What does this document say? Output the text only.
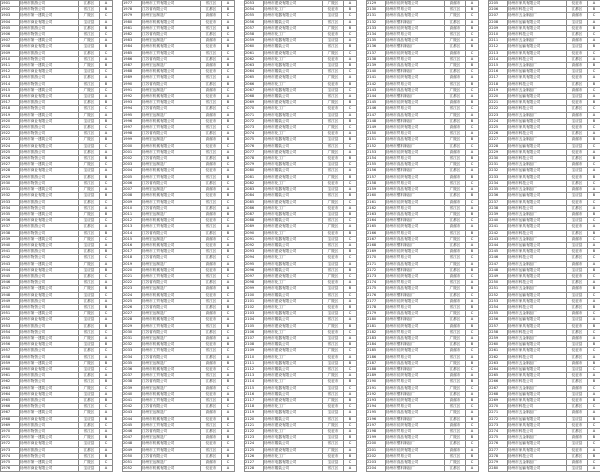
1901	扬州市旅游公司	江都区	A
1902	扬州市物资公司	邗江区	B
1903	扬州市第一建筑公司	广陵区	C
1904	扬州市商业有限公司	宝应县	A
1905	扬州市旅游公司	江都区	B
1906	扬州市物资公司	邗江区	C
1907	扬州市第一建筑公司	广陵区	A
1908	扬州市商业有限公司	宝应县	B
1909	扬州市旅游公司	江都区	C
1910	扬州市物资公司	邗江区	A
1911	扬州市第一建筑公司	广陵区	B
1912	扬州市商业有限公司	宝应县	C
1913	扬州市旅游公司	江都区	A
1914	扬州市物资公司	邗江区	B
1915	扬州市第一建筑公司	广陵区	C
1916	扬州市商业有限公司	宝应县	A
1917	扬州市旅游公司	江都区	B
1918	扬州市物资公司	邗江区	C
1919	扬州市第一建筑公司	广陵区	A
1920	扬州市商业有限公司	宝应县	B
1921	扬州市旅游公司	江都区	C
1922	扬州市物资公司	邗江区	A
1923	扬州市第一建筑公司	广陵区	B
1924	扬州市商业有限公司	宝应县	C
1925	扬州市旅游公司	江都区	A
1926	扬州市物资公司	邗江区	B
1927	扬州市第一建筑公司	广陵区	C
1928	扬州市商业有限公司	宝应县	A
1929	扬州市旅游公司	江都区	B
1930	扬州市物资公司	邗江区	C
1931	扬州市第一建筑公司	广陵区	A
1932	扬州市商业有限公司	宝应县	B
1933	扬州市旅游公司	江都区	C
1934	扬州市物资公司	邗江区	A
1935	扬州市第一建筑公司	广陵区	B
1936	扬州市商业有限公司	宝应县	C
1937	扬州市旅游公司	江都区	A
1938	扬州市物资公司	邗江区	B
1939	扬州市第一建筑公司	广陵区	C
1940	扬州市商业有限公司	宝应县	A
1941	扬州市旅游公司	江都区	B
1942	扬州市物资公司	邗江区	C
1943	扬州市第一建筑公司	广陵区	A
1944	扬州市商业有限公司	宝应县	B
1945	扬州市旅游公司	江都区	C
1946	扬州市物资公司	邗江区	A
1947	扬州市第一建筑公司	广陵区	B
1948	扬州市商业有限公司	宝应县	C
1949	扬州市旅游公司	江都区	A
1950	扬州市物资公司	邗江区	B
1951	扬州市第一建筑公司	广陵区	C
1952	扬州市商业有限公司	宝应县	A
1953	扬州市旅游公司	江都区	B
1954	扬州市物资公司	邗江区	C
1955	扬州市第一建筑公司	广陵区	A
1956	扬州市商业有限公司	宝应县	B
1957	扬州市旅游公司	江都区	C
1958	扬州市物资公司	邗江区	A
1959	扬州市第一建筑公司	广陵区	B
1960	扬州市商业有限公司	宝应县	C
1961	扬州市旅游公司	江都区	A
1962	扬州市物资公司	邗江区	B
1963	扬州市第一建筑公司	广陵区	C
1964	扬州市商业有限公司	宝应县	A
1965	扬州市旅游公司	江都区	B
1966	扬州市物资公司	邗江区	C
1967	扬州市第一建筑公司	广陵区	A
1968	扬州市商业有限公司	宝应县	B
1969	扬州市旅游公司	江都区	C
1970	扬州市物资公司	邗江区	A
1971	扬州市第一建筑公司	广陵区	B
1972	扬州市商业有限公司	宝应县	C
1973	扬州市旅游公司	江都区	A
1974	扬州市物资公司	邗江区	B
1975	扬州市第一建筑公司	广陵区	C
1976	扬州市商业有限公司	宝应县	A
1977	扬州市工贸有限公司	邗江区	A
1978	江苏省有限公司	江都区	B
1979	扬州宏达制造厂	高邮市	C
1980	扬州市机械有限公司	仪征市	A
1981	扬州市工贸有限公司	邗江区	B
1982	江苏省有限公司	江都区	C
1983	扬州宏达制造厂	高邮市	A
1984	扬州市机械有限公司	仪征市	B
1985	扬州市工贸有限公司	邗江区	C
1986	江苏省有限公司	江都区	A
1987	扬州宏达制造厂	高邮市	B
1988	扬州市机械有限公司	仪征市	C
1989	扬州市工贸有限公司	邗江区	A
1990	江苏省有限公司	江都区	B
1991	扬州宏达制造厂	高邮市	C
1992	扬州市机械有限公司	仪征市	A
1993	扬州市工贸有限公司	邗江区	B
1994	江苏省有限公司	江都区	C
1995	扬州宏达制造厂	高邮市	A
1996	扬州市机械有限公司	仪征市	B
1997	扬州市工贸有限公司	邗江区	C
1998	江苏省有限公司	江都区	A
1999	扬州宏达制造厂	高邮市	B
2000	扬州市机械有限公司	仪征市	C
2001	扬州市工贸有限公司	邗江区	A
2002	江苏省有限公司	江都区	B
2003	扬州宏达制造厂	高邮市	C
2004	扬州市机械有限公司	仪征市	A
2005	扬州市工贸有限公司	邗江区	B
2006	江苏省有限公司	江都区	C
2007	扬州宏达制造厂	高邮市	A
2008	扬州市机械有限公司	仪征市	B
2009	扬州市工贸有限公司	邗江区	C
2010	江苏省有限公司	江都区	A
2011	扬州宏达制造厂	高邮市	B
2012	扬州市机械有限公司	仪征市	C
2013	扬州市工贸有限公司	邗江区	A
2014	江苏省有限公司	江都区	B
2015	扬州宏达制造厂	高邮市	C
2016	扬州市机械有限公司	仪征市	A
2017	扬州市工贸有限公司	邗江区	B
2018	江苏省有限公司	江都区	C
2019	扬州宏达制造厂	高邮市	A
2020	扬州市机械有限公司	仪征市	B
2021	扬州市工贸有限公司	邗江区	C
2022	江苏省有限公司	江都区	A
2023	扬州宏达制造厂	高邮市	B
2024	扬州市机械有限公司	仪征市	C
2025	扬州市工贸有限公司	邗江区	A
2026	江苏省有限公司	江都区	B
2027	扬州宏达制造厂	高邮市	C
2028	扬州市机械有限公司	仪征市	A
2029	扬州市工贸有限公司	邗江区	B
2030	江苏省有限公司	江都区	C
2031	扬州宏达制造厂	高邮市	A
2032	扬州市机械有限公司	仪征市	B
2033	扬州市工贸有限公司	邗江区	C
2034	江苏省有限公司	江都区	A
2035	扬州宏达制造厂	高邮市	B
2036	扬州市机械有限公司	仪征市	C
2037	扬州市工贸有限公司	邗江区	A
2038	江苏省有限公司	江都区	B
2039	扬州宏达制造厂	高邮市	C
2040	扬州市机械有限公司	仪征市	A
2041	扬州市工贸有限公司	邗江区	B
2042	江苏省有限公司	江都区	C
2043	扬州宏达制造厂	高邮市	A
2044	扬州市机械有限公司	仪征市	B
2045	扬州市工贸有限公司	邗江区	C
2046	江苏省有限公司	江都区	A
2047	扬州宏达制造厂	高邮市	B
2048	扬州市机械有限公司	仪征市	C
2049	扬州市工贸有限公司	邗江区	A
2050	江苏省有限公司	江都区	B
2051	扬州宏达制造厂	高邮市	C
2052	扬州市机械有限公司	仪征市	A
2053	扬州市建设有限公司	广陵区	A
2054	扬州市化工厂	仪征市	B
2055	扬州市电器有限公司	宝应县	C
2056	扬州市服装公司	邗江区	A
2057	扬州市建设有限公司	广陵区	B
2058	扬州市化工厂	仪征市	C
2059	扬州市电器有限公司	宝应县	A
2060	扬州市服装公司	邗江区	B
2061	扬州市建设有限公司	广陵区	C
2062	扬州市化工厂	仪征市	A
2063	扬州市电器有限公司	宝应县	B
2064	扬州市服装公司	邗江区	C
2065	扬州市建设有限公司	广陵区	A
2066	扬州市化工厂	仪征市	B
2067	扬州市电器有限公司	宝应县	C
2068	扬州市服装公司	邗江区	A
2069	扬州市建设有限公司	广陵区	B
2070	扬州市化工厂	仪征市	C
2071	扬州市电器有限公司	宝应县	A
2072	扬州市服装公司	邗江区	B
2073	扬州市建设有限公司	广陵区	C
2074	扬州市化工厂	仪征市	A
2075	扬州市电器有限公司	宝应县	B
2076	扬州市服装公司	邗江区	C
2077	扬州市建设有限公司	广陵区	A
2078	扬州市化工厂	仪征市	B
2079	扬州市电器有限公司	宝应县	C
2080	扬州市服装公司	邗江区	A
2081	扬州市建设有限公司	广陵区	B
2082	扬州市化工厂	仪征市	C
2083	扬州市电器有限公司	宝应县	A
2084	扬州市服装公司	邗江区	B
2085	扬州市建设有限公司	广陵区	C
2086	扬州市化工厂	仪征市	A
2087	扬州市电器有限公司	宝应县	B
2088	扬州市服装公司	邗江区	C
2089	扬州市建设有限公司	广陵区	A
2090	扬州市化工厂	仪征市	B
2091	扬州市电器有限公司	宝应县	C
2092	扬州市服装公司	邗江区	A
2093	扬州市建设有限公司	广陵区	B
2094	扬州市化工厂	仪征市	C
2095	扬州市电器有限公司	宝应县	A
2096	扬州市服装公司	邗江区	B
2097	扬州市建设有限公司	广陵区	C
2098	扬州市化工厂	仪征市	A
2099	扬州市电器有限公司	宝应县	B
2100	扬州市服装公司	邗江区	C
2101	扬州市建设有限公司	广陵区	A
2102	扬州市化工厂	仪征市	B
2103	扬州市电器有限公司	宝应县	C
2104	扬州市服装公司	邗江区	A
2105	扬州市建设有限公司	广陵区	B
2106	扬州市化工厂	仪征市	C
2107	扬州市电器有限公司	宝应县	A
2108	扬州市服装公司	邗江区	B
2109	扬州市建设有限公司	广陵区	C
2110	扬州市化工厂	仪征市	A
2111	扬州市电器有限公司	宝应县	B
2112	扬州市服装公司	邗江区	C
2113	扬州市建设有限公司	广陵区	A
2114	扬州市化工厂	仪征市	B
2115	扬州市电器有限公司	宝应县	C
2116	扬州市服装公司	邗江区	A
2117	扬州市建设有限公司	广陵区	B
2118	扬州市化工厂	仪征市	C
2119	扬州市电器有限公司	宝应县	A
2120	扬州市服装公司	邗江区	B
2121	扬州市建设有限公司	广陵区	C
2122	扬州市化工厂	仪征市	A
2123	扬州市电器有限公司	宝应县	B
2124	扬州市服装公司	邗江区	C
2125	扬州市建设有限公司	广陵区	A
2126	扬州市化工厂	仪征市	B
2127	扬州市电器有限公司	宝应县	C
2128	扬州市服装公司	邗江区	A
2129	扬州市纺织有限公司	高邮市	A
2130	扬州市贸易公司	邗江区	B
2131	扬州市食品有限公司	广陵区	C
2132	扬州市塑料制品厂	江都区	A
2133	扬州市纺织有限公司	高邮市	B
2134	扬州市贸易公司	邗江区	C
2135	扬州市食品有限公司	广陵区	A
2136	扬州市塑料制品厂	江都区	B
2137	扬州市纺织有限公司	高邮市	C
2138	扬州市贸易公司	邗江区	A
2139	扬州市食品有限公司	广陵区	B
2140	扬州市塑料制品厂	江都区	C
2141	扬州市纺织有限公司	高邮市	A
2142	扬州市贸易公司	邗江区	B
2143	扬州市食品有限公司	广陵区	C
2144	扬州市塑料制品厂	江都区	A
2145	扬州市纺织有限公司	高邮市	B
2146	扬州市贸易公司	邗江区	C
2147	扬州市食品有限公司	广陵区	A
2148	扬州市塑料制品厂	江都区	B
2149	扬州市纺织有限公司	高邮市	C
2150	扬州市贸易公司	邗江区	A
2151	扬州市食品有限公司	广陵区	B
2152	扬州市塑料制品厂	江都区	C
2153	扬州市纺织有限公司	高邮市	A
2154	扬州市贸易公司	邗江区	B
2155	扬州市食品有限公司	广陵区	C
2156	扬州市塑料制品厂	江都区	A
2157	扬州市纺织有限公司	高邮市	B
2158	扬州市贸易公司	邗江区	C
2159	扬州市食品有限公司	广陵区	A
2160	扬州市塑料制品厂	江都区	B
2161	扬州市纺织有限公司	高邮市	C
2162	扬州市贸易公司	邗江区	A
2163	扬州市食品有限公司	广陵区	B
2164	扬州市塑料制品厂	江都区	C
2165	扬州市纺织有限公司	高邮市	A
2166	扬州市贸易公司	邗江区	B
2167	扬州市食品有限公司	广陵区	C
2168	扬州市塑料制品厂	江都区	A
2169	扬州市纺织有限公司	高邮市	B
2170	扬州市贸易公司	邗江区	C
2171	扬州市食品有限公司	广陵区	A
2172	扬州市塑料制品厂	江都区	B
2173	扬州市纺织有限公司	高邮市	C
2174	扬州市贸易公司	邗江区	A
2175	扬州市食品有限公司	广陵区	B
2176	扬州市塑料制品厂	江都区	C
2177	扬州市纺织有限公司	高邮市	A
2178	扬州市贸易公司	邗江区	B
2179	扬州市食品有限公司	广陵区	C
2180	扬州市塑料制品厂	江都区	A
2181	扬州市纺织有限公司	高邮市	B
2182	扬州市贸易公司	邗江区	C
2183	扬州市食品有限公司	广陵区	A
2184	扬州市塑料制品厂	江都区	B
2185	扬州市纺织有限公司	高邮市	C
2186	扬州市贸易公司	邗江区	A
2187	扬州市食品有限公司	广陵区	B
2188	扬州市塑料制品厂	江都区	C
2189	扬州市纺织有限公司	高邮市	A
2190	扬州市贸易公司	邗江区	B
2191	扬州市食品有限公司	广陵区	C
2192	扬州市塑料制品厂	江都区	A
2193	扬州市纺织有限公司	高邮市	B
2194	扬州市贸易公司	邗江区	C
2195	扬州市食品有限公司	广陵区	A
2196	扬州市塑料制品厂	江都区	B
2197	扬州市纺织有限公司	高邮市	C
2198	扬州市贸易公司	邗江区	A
2199	扬州市食品有限公司	广陵区	B
2200	扬州市塑料制品厂	江都区	C
2201	扬州市纺织有限公司	高邮市	A
2202	扬州市贸易公司	邗江区	B
2203	扬州市食品有限公司	广陵区	C
2204	扬州市塑料制品厂	江都区	A
2205	扬州市家具有限公司	仪征市	A
2206	扬州市科技公司	江都区	B
2207	扬州市五金制品厂	高邮市	C
2208	扬州市运输有限公司	宝应县	A
2209	扬州市家具有限公司	仪征市	B
2210	扬州市科技公司	江都区	C
2211	扬州市五金制品厂	高邮市	A
2212	扬州市运输有限公司	宝应县	B
2213	扬州市家具有限公司	仪征市	C
2214	扬州市科技公司	江都区	A
2215	扬州市五金制品厂	高邮市	B
2216	扬州市运输有限公司	宝应县	C
2217	扬州市家具有限公司	仪征市	A
2218	扬州市科技公司	江都区	B
2219	扬州市五金制品厂	高邮市	C
2220	扬州市运输有限公司	宝应县	A
2221	扬州市家具有限公司	仪征市	B
2222	扬州市科技公司	江都区	C
2223	扬州市五金制品厂	高邮市	A
2224	扬州市运输有限公司	宝应县	B
2225	扬州市家具有限公司	仪征市	C
2226	扬州市科技公司	江都区	A
2227	扬州市五金制品厂	高邮市	B
2228	扬州市运输有限公司	宝应县	C
2229	扬州市家具有限公司	仪征市	A
2230	扬州市科技公司	江都区	B
2231	扬州市五金制品厂	高邮市	C
2232	扬州市运输有限公司	宝应县	A
2233	扬州市家具有限公司	仪征市	B
2234	扬州市科技公司	江都区	C
2235	扬州市五金制品厂	高邮市	A
2236	扬州市运输有限公司	宝应县	B
2237	扬州市家具有限公司	仪征市	C
2238	扬州市科技公司	江都区	A
2239	扬州市五金制品厂	高邮市	B
2240	扬州市运输有限公司	宝应县	C
2241	扬州市家具有限公司	仪征市	A
2242	扬州市科技公司	江都区	B
2243	扬州市五金制品厂	高邮市	C
2244	扬州市运输有限公司	宝应县	A
2245	扬州市家具有限公司	仪征市	B
2246	扬州市科技公司	江都区	C
2247	扬州市五金制品厂	高邮市	A
2248	扬州市运输有限公司	宝应县	B
2249	扬州市家具有限公司	仪征市	C
2250	扬州市科技公司	江都区	A
2251	扬州市五金制品厂	高邮市	B
2252	扬州市运输有限公司	宝应县	C
2253	扬州市家具有限公司	仪征市	A
2254	扬州市科技公司	江都区	B
2255	扬州市五金制品厂	高邮市	C
2256	扬州市运输有限公司	宝应县	A
2257	扬州市家具有限公司	仪征市	B
2258	扬州市科技公司	江都区	C
2259	扬州市五金制品厂	高邮市	A
2260	扬州市运输有限公司	宝应县	B
2261	扬州市家具有限公司	仪征市	C
2262	扬州市科技公司	江都区	A
2263	扬州市五金制品厂	高邮市	B
2264	扬州市运输有限公司	宝应县	C
2265	扬州市家具有限公司	仪征市	A
2266	扬州市科技公司	江都区	B
2267	扬州市五金制品厂	高邮市	C
2268	扬州市运输有限公司	宝应县	A
2269	扬州市家具有限公司	仪征市	B
2270	扬州市科技公司	江都区	C
2271	扬州市五金制品厂	高邮市	A
2272	扬州市运输有限公司	宝应县	B
2273	扬州市家具有限公司	仪征市	C
2274	扬州市科技公司	江都区	A
2275	扬州市五金制品厂	高邮市	B
2276	扬州市运输有限公司	宝应县	C
2277	扬州市家具有限公司	仪征市	A
2278	扬州市科技公司	江都区	B
2279	扬州市五金制品厂	高邮市	C
2280	扬州市运输有限公司	宝应县	A
